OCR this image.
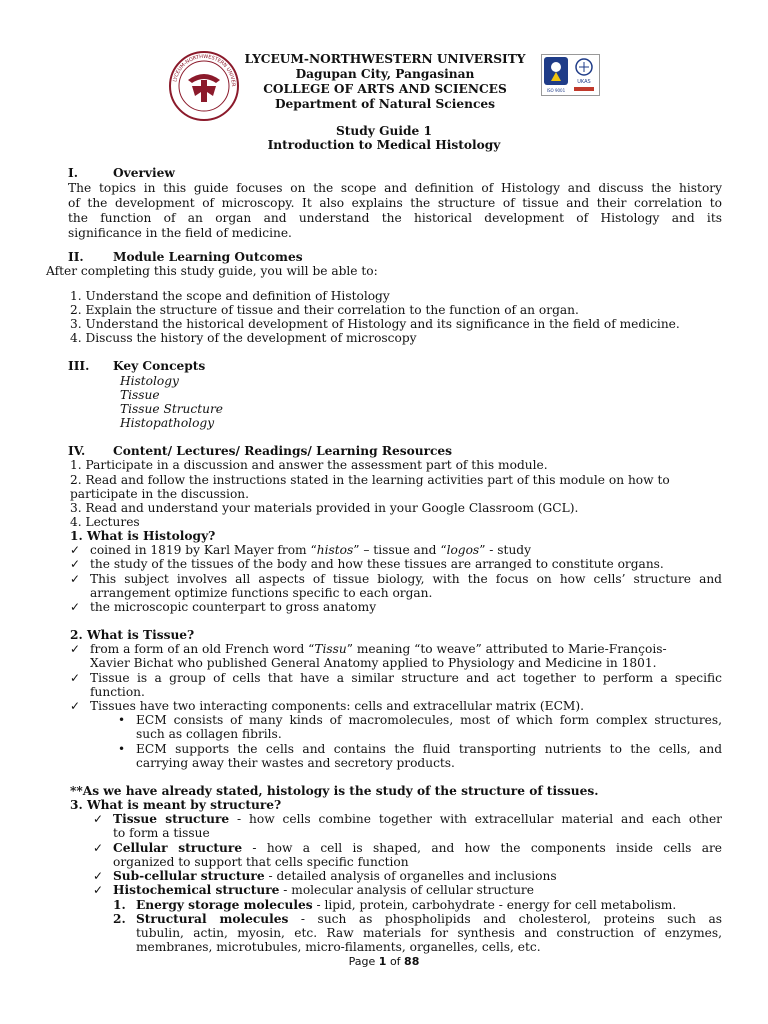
LYCEUM-NORTHWESTERN UNIVER
LYCEUM-NORTHWESTERN UNIVERSITY
Dagupan City, Pangasinan
COLLEGE OF ARTS AND SCIENCES
Department of Natural Sciences
UKAS
ISO 9001
Study Guide 1
Introduction to Medical Histology
I.	Overview
The topics in this guide focuses on the scope and definition of Histology and discuss the history
of the development of microscopy. It also explains the structure of tissue and their correlation to
the function of an organ and understand the historical development of Histology and its
significance in the field of medicine.
II. Module Learning Outcomes
After completing this study guide, you will be able to:
1. Understand the scope and definition of Histology
2. Explain the structure of tissue and their correlation to the function of an organ.
3. Understand the historical development of Histology and its significance in the field of medicine.
4. Discuss the history of the development of microscopy
III. Key Concepts
Histology
Tissue
Tissue Structure
Histopathology
IV. Content/ Lectures/ Readings/ Learning Resources
1. Participate in a discussion and answer the assessment part of this module.
2. Read and follow the instructions stated in the learning activities part of this module on how to
participate in the discussion.
3. Read and understand your materials provided in your Google Classroom (GCL).
4. Lectures
1. What is Histology?
✓ coined in 1819 by Karl Mayer from “histos” – tissue and “logos” - study
✓ the study of the tissues of the body and how these tissues are arranged to constitute organs.
✓ This subject involves all aspects of tissue biology, with the focus on how cells’ structure and
arrangement optimize functions specific to each organ.
✓ the microscopic counterpart to gross anatomy
2. What is Tissue?
✓ from a form of an old French word “Tissu” meaning “to weave” attributed to Marie-François-
Xavier Bichat who published General Anatomy applied to Physiology and Medicine in 1801.
✓ Tissue is a group of cells that have a similar structure and act together to perform a specific
function.
✓ Tissues have two interacting components: cells and extracellular matrix (ECM).
• ECM consists of many kinds of macromolecules, most of which form complex structures,
such as collagen fibrils.
• ECM supports the cells and contains the fluid transporting nutrients to the cells, and
carrying away their wastes and secretory products.
**As we have already stated, histology is the study of the structure of tissues.
3. What is meant by structure?
✓ Tissue structure - how cells combine together with extracellular material and each other
to form a tissue
✓ Cellular structure - how a cell is shaped, and how the components inside cells are
organized to support that cells specific function
✓ Sub-cellular structure - detailed analysis of organelles and inclusions
✓ Histochemical structure - molecular analysis of cellular structure
1. Energy storage molecules - lipid, protein, carbohydrate - energy for cell metabolism.
2. Structural molecules - such as phospholipids and cholesterol, proteins such as
tubulin, actin, myosin, etc. Raw materials for synthesis and construction of enzymes,
membranes, microtubules, micro-filaments, organelles, cells, etc.
Page 1 of 88
